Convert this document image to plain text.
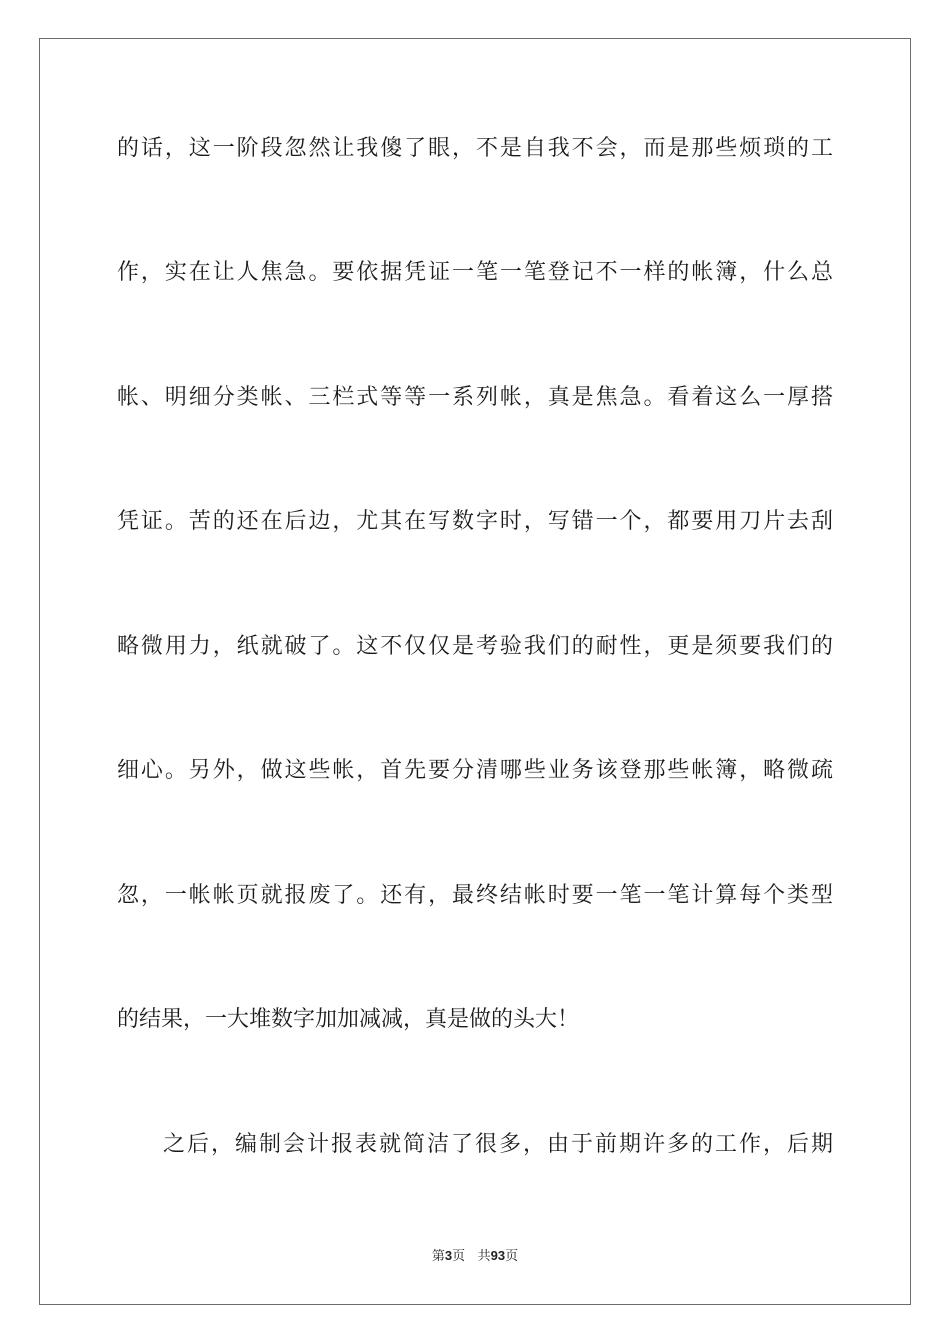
的话，这一阶段忽然让我傻了眼，不是自我不会，而是那些烦琐的工
作，实在让人焦急。要依据凭证一笔一笔登记不一样的帐簿，什么总
帐、明细分类帐、三栏式等等一系列帐，真是焦急。看着这么一厚搭
凭证。苦的还在后边，尤其在写数字时，写错一个，都要用刀片去刮
略微用力，纸就破了。这不仅仅是考验我们的耐性，更是须要我们的
细心。另外，做这些帐，首先要分清哪些业务该登那些帐簿，略微疏
忽，一帐帐页就报废了。还有，最终结帐时要一笔一笔计算每个类型
的结果，一大堆数字加加减减，真是做的头大！
之后，编制会计报表就简洁了很多，由于前期许多的工作，后期
第3页 共93页
